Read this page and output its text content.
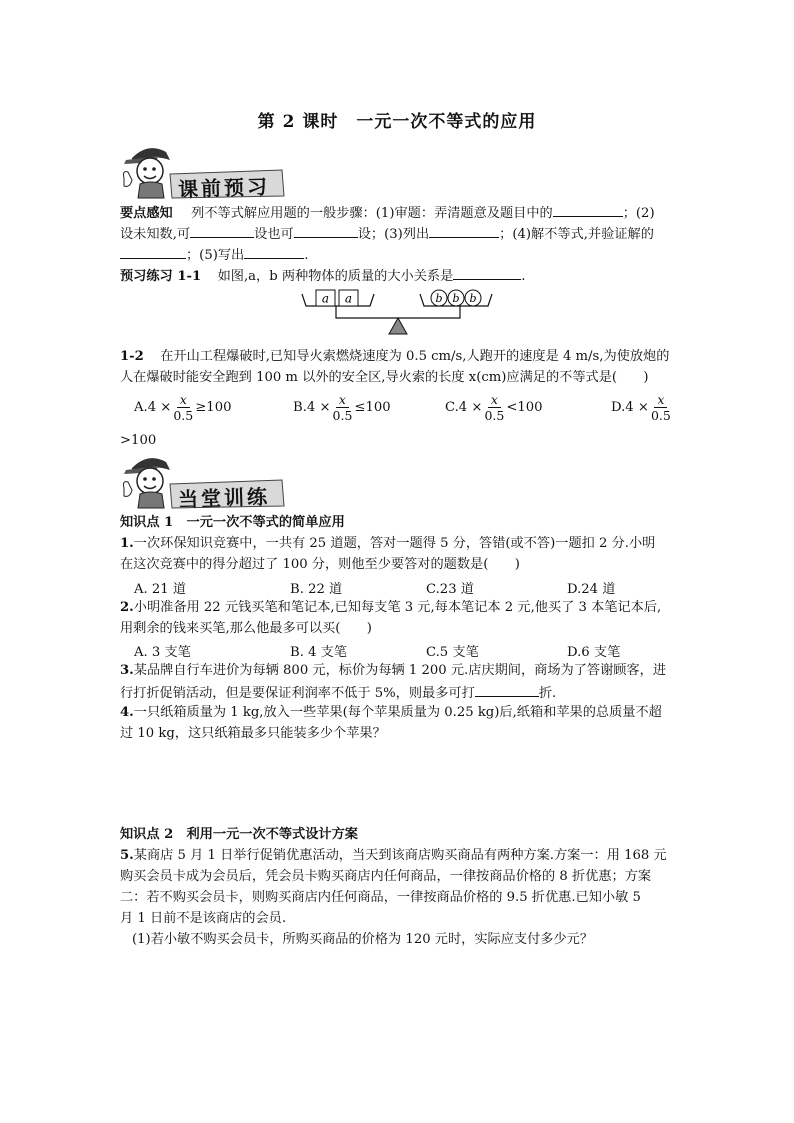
第 2 课时　一元一次不等式的应用
课前预习
要点感知 列不等式解应用题的一般步骤：(1)审题：弄清题意及题目中的	；(2)
设未知数,可	设也可	设；(3)列出	；(4)解不等式,并验证解的
；(5)写出	.
预习练习 1-1 如图,a，b 两种物体的质量的大小关系是	.
a a	b b b
1-2 在开山工程爆破时,已知导火索燃烧速度为 0.5 cm/s,人跑开的速度是 4 m/s,为使放炮的
人在爆破时能安全跑到 100 m 以外的安全区,导火索的长度 x(cm)应满足的不等式是(　　)
$A.4 \times \frac{x}{0.5} \ge 100$	$B.4 \times \frac{x}{0.5} \le 100$	$C.4 \times \frac{x}{0.5} <100$	$D.4 \times \frac{x}{0.5}$
>100
当堂训练
知识点 1　一元一次不等式的简单应用
1.一次环保知识竞赛中，一共有 25 道题，答对一题得 5 分，答错(或不答)一题扣 2 分.小明
在这次竞赛中的得分超过了 100 分，则他至少要答对的题数是(　　)
A. 21 道	B. 22 道	C.23 道	D.24 道
2.小明准备用 22 元钱买笔和笔记本,已知每支笔 3 元,每本笔记本 2 元,他买了 3 本笔记本后,
用剩余的钱来买笔,那么他最多可以买(　　)
A. 3 支笔	B. 4 支笔	C.5 支笔	D.6 支笔
3.某品牌自行车进价为每辆 800 元，标价为每辆 1 200 元.店庆期间，商场为了答谢顾客，进
行打折促销活动，但是要保证利润率不低于 5%，则最多可打	折.
4.一只纸箱质量为 1 kg,放入一些苹果(每个苹果质量为 0.25 kg)后,纸箱和苹果的总质量不超
过 10 kg，这只纸箱最多只能装多少个苹果？
知识点 2　利用一元一次不等式设计方案
5.某商店 5 月 1 日举行促销优惠活动，当天到该商店购买商品有两种方案.方案一：用 168 元
购买会员卡成为会员后，凭会员卡购买商店内任何商品，一律按商品价格的 8 折优惠；方案
二：若不购买会员卡，则购买商店内任何商品，一律按商品价格的 9.5 折优惠.已知小敏 5
月 1 日前不是该商店的会员.
(1)若小敏不购买会员卡，所购买商品的价格为 120 元时，实际应支付多少元？
